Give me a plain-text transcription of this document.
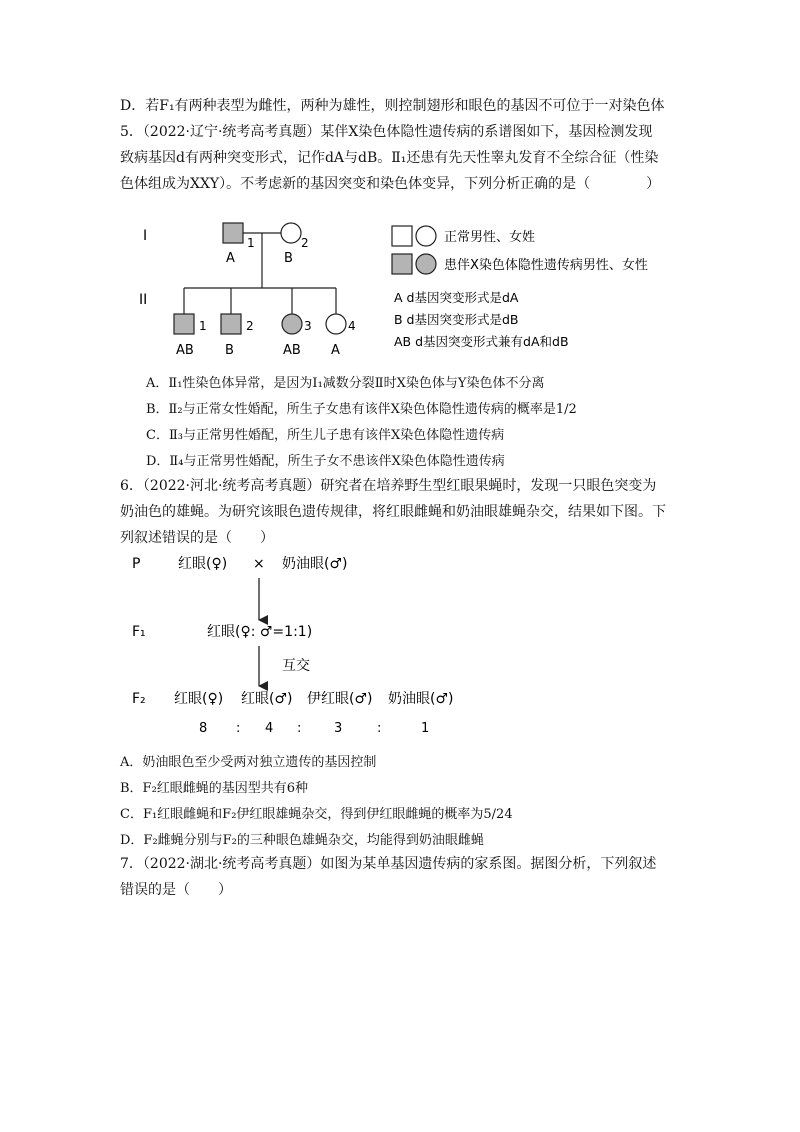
D．若F₁有两种表型为雌性，两种为雄性，则控制翅形和眼色的基因不可位于一对染色体
5．（2022·辽宁·统考高考真题）某伴X染色体隐性遗传病的系谱图如下，基因检测发现
致病基因d有两种突变形式，记作dA与dB。Ⅱ₁还患有先天性睾丸发育不全综合征（性染
色体组成为XXY）。不考虑新的基因突变和染色体变异，下列分析正确的是（　　　　）
I
II
1	2
A	B
1	2	3	4
AB B	AB A
正常男性、女姓
患伴X染色体隐性遗传病男性、女性
A d基因突变形式是dA
B d基因突变形式是dB
AB d基因突变形式兼有dA和dB
A．Ⅱ₁性染色体异常，是因为Ⅰ₁减数分裂Ⅱ时X染色体与Y染色体不分离
B．Ⅱ₂与正常女性婚配，所生子女患有该伴X染色体隐性遗传病的概率是1/2
C．Ⅱ₃与正常男性婚配，所生儿子患有该伴X染色体隐性遗传病
D．Ⅱ₄与正常男性婚配，所生子女不患该伴X染色体隐性遗传病
6．（2022·河北·统考高考真题）研究者在培养野生型红眼果蝇时，发现一只眼色突变为
奶油色的雄蝇。为研究该眼色遗传规律，将红眼雌蝇和奶油眼雄蝇杂交，结果如下图。下
列叙述错误的是（　　）
P	红眼(♀) × 奶油眼(♂)
F₁	红眼(♀: ♂=1:1)
互交
F₂ 红眼(♀) 红眼(♂) 伊红眼(♂) 奶油眼(♂)
8 : 4 :	3	:	1
A．奶油眼色至少受两对独立遗传的基因控制
B．F₂红眼雌蝇的基因型共有6种
C．F₁红眼雌蝇和F₂伊红眼雄蝇杂交，得到伊红眼雌蝇的概率为5/24
D．F₂雌蝇分别与F₂的三种眼色雄蝇杂交，均能得到奶油眼雌蝇
7．（2022·湖北·统考高考真题）如图为某单基因遗传病的家系图。据图分析，下列叙述
错误的是（　　）
